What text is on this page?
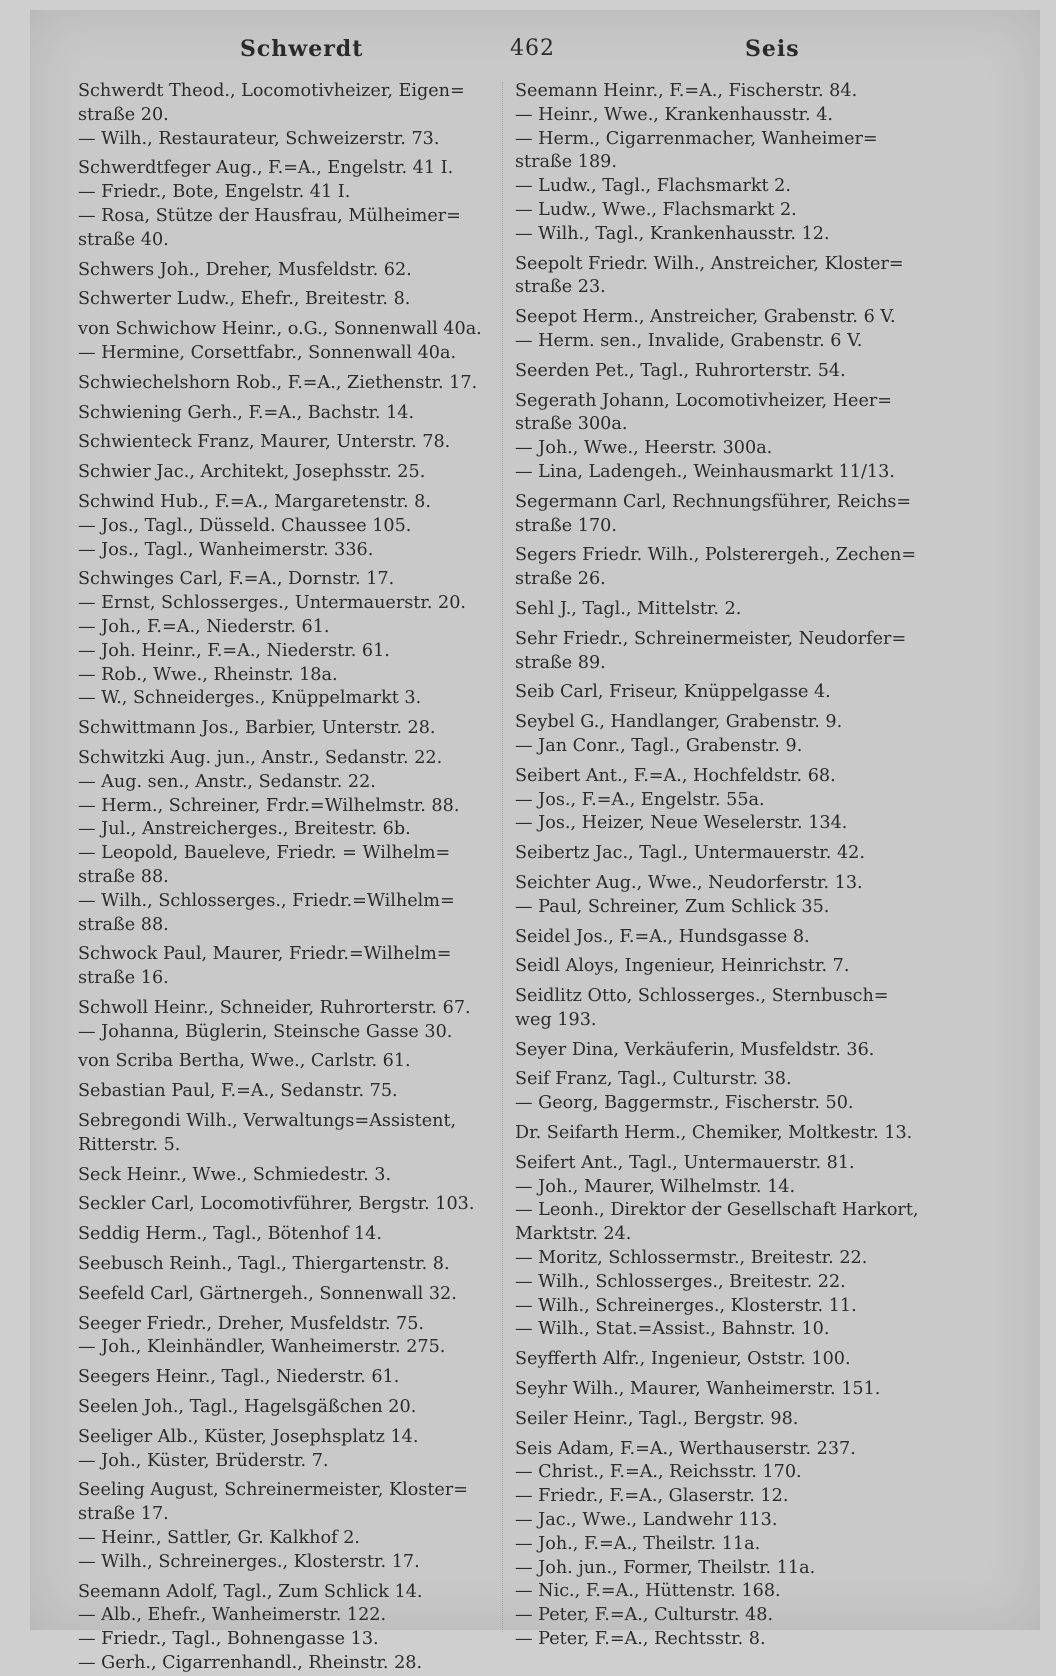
Schwerdt	462	Seis

Schwerdt Theod., Locomotivheizer, Eigen=

straße 20.

— Wilh., Restaurateur, Schweizerstr. 73.

Schwerdtfeger Aug., F.=A., Engelstr. 41 I.

— Friedr., Bote, Engelstr. 41 I.

— Rosa, Stütze der Hausfrau, Mülheimer=

straße 40.

Schwers Joh., Dreher, Musfeldstr. 62.

Schwerter Ludw., Ehefr., Breitestr. 8.

von Schwichow Heinr., o.G., Sonnenwall 40a.

— Hermine, Corsettfabr., Sonnenwall 40a.

Schwiechelshorn Rob., F.=A., Ziethenstr. 17.

Schwiening Gerh., F.=A., Bachstr. 14.

Schwienteck Franz, Maurer, Unterstr. 78.

Schwier Jac., Architekt, Josephsstr. 25.

Schwind Hub., F.=A., Margaretenstr. 8.

— Jos., Tagl., Düsseld. Chaussee 105.

— Jos., Tagl., Wanheimerstr. 336.

Schwinges Carl, F.=A., Dornstr. 17.

— Ernst, Schlosserges., Untermauerstr. 20.

— Joh., F.=A., Niederstr. 61.

— Joh. Heinr., F.=A., Niederstr. 61.

— Rob., Wwe., Rheinstr. 18a.

— W., Schneiderges., Knüppelmarkt 3.

Schwittmann Jos., Barbier, Unterstr. 28.

Schwitzki Aug. jun., Anstr., Sedanstr. 22.

— Aug. sen., Anstr., Sedanstr. 22.

— Herm., Schreiner, Frdr.=Wilhelmstr. 88.

— Jul., Anstreicherges., Breitestr. 6b.

— Leopold, Baueleve, Friedr. = Wilhelm=

straße 88.

— Wilh., Schlosserges., Friedr.=Wilhelm=

straße 88.

Schwock Paul, Maurer, Friedr.=Wilhelm=

straße 16.

Schwoll Heinr., Schneider, Ruhrorterstr. 67.

— Johanna, Büglerin, Steinsche Gasse 30.

von Scriba Bertha, Wwe., Carlstr. 61.

Sebastian Paul, F.=A., Sedanstr. 75.

Sebregondi Wilh., Verwaltungs=Assistent,

Ritterstr. 5.

Seck Heinr., Wwe., Schmiedestr. 3.

Seckler Carl, Locomotivführer, Bergstr. 103.

Seddig Herm., Tagl., Bötenhof 14.

Seebusch Reinh., Tagl., Thiergartenstr. 8.

Seefeld Carl, Gärtnergeh., Sonnenwall 32.

Seeger Friedr., Dreher, Musfeldstr. 75.

— Joh., Kleinhändler, Wanheimerstr. 275.

Seegers Heinr., Tagl., Niederstr. 61.

Seelen Joh., Tagl., Hagelsgäßchen 20.

Seeliger Alb., Küster, Josephsplatz 14.

— Joh., Küster, Brüderstr. 7.

Seeling August, Schreinermeister, Kloster=

straße 17.

— Heinr., Sattler, Gr. Kalkhof 2.

— Wilh., Schreinerges., Klosterstr. 17.

Seemann Adolf, Tagl., Zum Schlick 14.

— Alb., Ehefr., Wanheimerstr. 122.

— Friedr., Tagl., Bohnengasse 13.

— Gerh., Cigarrenhandl., Rheinstr. 28.

Seemann Heinr., F.=A., Fischerstr. 84.

— Heinr., Wwe., Krankenhausstr. 4.

— Herm., Cigarrenmacher, Wanheimer=

straße 189.

— Ludw., Tagl., Flachsmarkt 2.

— Ludw., Wwe., Flachsmarkt 2.

— Wilh., Tagl., Krankenhausstr. 12.

Seepolt Friedr. Wilh., Anstreicher, Kloster=

straße 23.

Seepot Herm., Anstreicher, Grabenstr. 6 V.

— Herm. sen., Invalide, Grabenstr. 6 V.

Seerden Pet., Tagl., Ruhrorterstr. 54.

Segerath Johann, Locomotivheizer, Heer=

straße 300a.

— Joh., Wwe., Heerstr. 300a.

— Lina, Ladengeh., Weinhausmarkt 11/13.

Segermann Carl, Rechnungsführer, Reichs=

straße 170.

Segers Friedr. Wilh., Polsterergeh., Zechen=

straße 26.

Sehl J., Tagl., Mittelstr. 2.

Sehr Friedr., Schreinermeister, Neudorfer=

straße 89.

Seib Carl, Friseur, Knüppelgasse 4.

Seybel G., Handlanger, Grabenstr. 9.

— Jan Conr., Tagl., Grabenstr. 9.

Seibert Ant., F.=A., Hochfeldstr. 68.

— Jos., F.=A., Engelstr. 55a.

— Jos., Heizer, Neue Weselerstr. 134.

Seibertz Jac., Tagl., Untermauerstr. 42.

Seichter Aug., Wwe., Neudorferstr. 13.

— Paul, Schreiner, Zum Schlick 35.

Seidel Jos., F.=A., Hundsgasse 8.

Seidl Aloys, Ingenieur, Heinrichstr. 7.

Seidlitz Otto, Schlosserges., Sternbusch=

weg 193.

Seyer Dina, Verkäuferin, Musfeldstr. 36.

Seif Franz, Tagl., Culturstr. 38.

— Georg, Baggermstr., Fischerstr. 50.

Dr. Seifarth Herm., Chemiker, Moltkestr. 13.

Seifert Ant., Tagl., Untermauerstr. 81.

— Joh., Maurer, Wilhelmstr. 14.

— Leonh., Direktor der Gesellschaft Harkort,

Marktstr. 24.

— Moritz, Schlossermstr., Breitestr. 22.

— Wilh., Schlosserges., Breitestr. 22.

— Wilh., Schreinerges., Klosterstr. 11.

— Wilh., Stat.=Assist., Bahnstr. 10.

Seyfferth Alfr., Ingenieur, Oststr. 100.

Seyhr Wilh., Maurer, Wanheimerstr. 151.

Seiler Heinr., Tagl., Bergstr. 98.

Seis Adam, F.=A., Werthauserstr. 237.

— Christ., F.=A., Reichsstr. 170.

— Friedr., F.=A., Glaserstr. 12.

— Jac., Wwe., Landwehr 113.

— Joh., F.=A., Theilstr. 11a.

— Joh. jun., Former, Theilstr. 11a.

— Nic., F.=A., Hüttenstr. 168.

— Peter, F.=A., Culturstr. 48.

— Peter, F.=A., Rechtsstr. 8.
